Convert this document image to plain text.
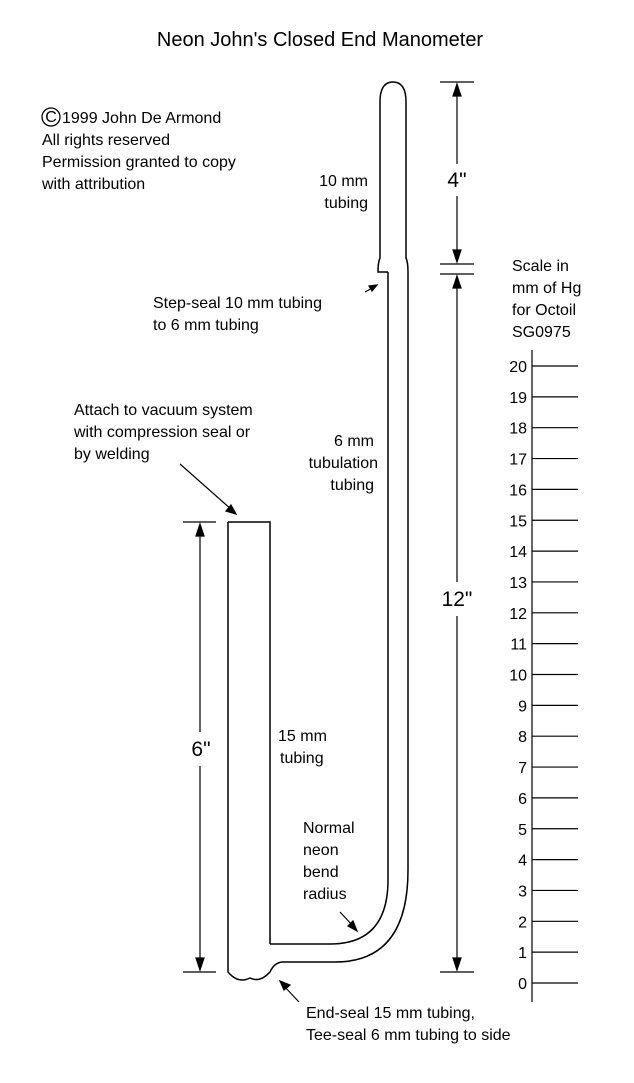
Neon John's Closed End Manometer
C 1999 John De Armond
All rights reserved
Permission granted to copy
with attribution	10 mm
tubing
Step-seal 10 mm tubing
to 6 mm tubing
Attach to vacuum system
with compression seal or
by welding
6 mm
tubulation
tubing
15 mm
tubing
Normal
neon
bend
radius
End-seal 15 mm tubing,
Tee-seal 6 mm tubing to side
4"
12"
6"
Scale in
mm of Hg
for Octoil
SG0975
0
1
2
3
4
5
6
7
8
9
10
11
12
13
14
15
16
17
18
19
20
